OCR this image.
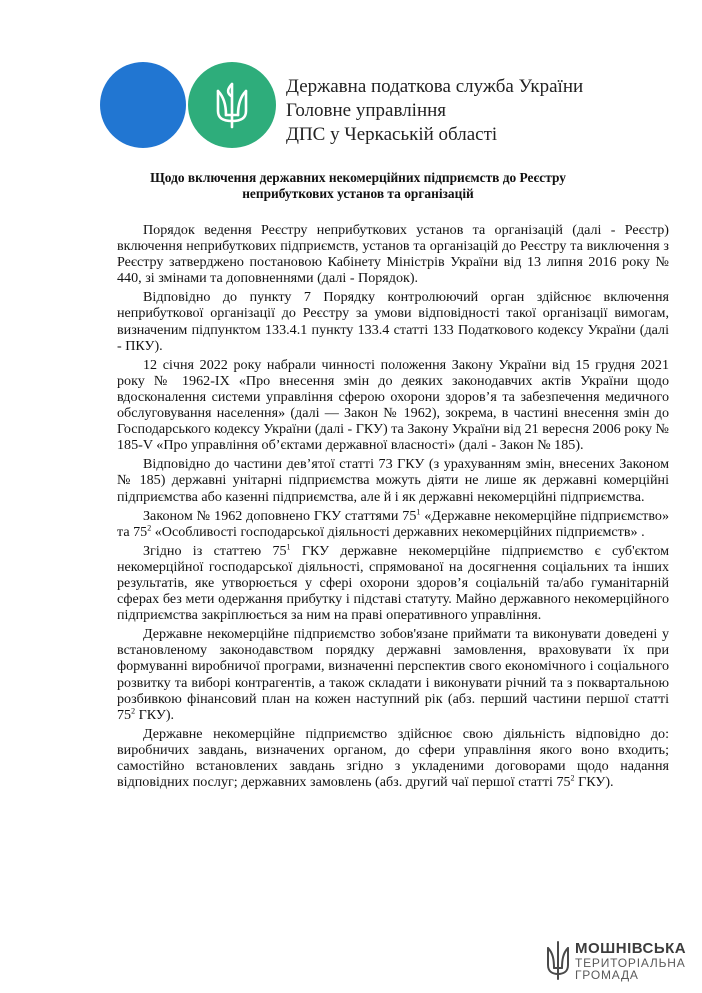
Державна податкова служба України
Головне управління
ДПС у Черкаській області
Щодо включення державних некомерційних підприємств до Реєстру
неприбуткових установ та організацій

Порядок ведення Реєстру неприбуткових установ та організацій (далі - Реєстр) включення неприбуткових підприємств, установ та організацій до Реєстру та виключення з Реєстру затверджено постановою Кабінету Міністрів України від 13 липня 2016 року № 440, зі змінами та доповненнями (далі - Порядок).

Відповідно до пункту 7 Порядку контролюючий орган здійснює включення неприбуткової організації до Реєстру за умови відповідності такої організації вимогам, визначеним підпунктом 133.4.1 пункту 133.4 статті 133 Податкового кодексу України (далі - ПКУ).

12 січня 2022 року набрали чинності положення Закону України від 15 грудня 2021 року № 1962-ІХ «Про внесення змін до деяких законодавчих актів України щодо вдосконалення системи управління сферою охорони здоров’я та забезпечення медичного обслуговування населення» (далі — Закон № 1962), зокрема, в частині внесення змін до Господарського кодексу України (далі - ГКУ) та Закону України від 21 вересня 2006 року № 185-V «Про управління об’єктами державної власності» (далі - Закон № 185).

Відповідно до частини дев’ятої статті 73 ГКУ (з урахуванням змін, внесених Законом № 185) державні унітарні підприємства можуть діяти не лише як державні комерційні підприємства або казенні підприємства, але й і як державні некомерційні підприємства.

Законом № 1962 доповнено ГКУ статтями $75^1$ «Державне некомерційне підприємство» та $75^2$ «Особливості господарської діяльності державних некомерційних підприємств» .

Згідно із статтею $75^1$ ГКУ державне некомерційне підприємство є суб'єктом некомерційної господарської діяльності, спрямованої на досягнення соціальних та інших результатів, яке утворюється у сфері охорони здоров’я соціальній та/або гуманітарній сферах без мети одержання прибутку і підставі статуту. Майно державного некомерційного підприємства закріплюється за ним на праві оперативного управління.

Державне некомерційне підприємство зобов'язане приймати та виконувати доведені у встановленому законодавством порядку державні замовлення, враховувати їх при формуванні виробничої програми, визначенні перспектив свого економічного і соціального розвитку та виборі контрагентів, а також складати і виконувати річний та з поквартальною розбивкою фінансовий план на кожен наступний рік (абз. перший частини першої статті $75^2$ ГКУ).

Державне некомерційне підприємство здійснює свою діяльність відповідно до: виробничих завдань, визначених органом, до сфери управління якого воно входить; самостійно встановлених завдань згідно з укладеними договорами щодо надання відповідних послуг; державних замовлень (абз. другий чаї першої статті $75^2$ ГКУ).

МОШНІВСЬКА
ТЕРИТОРІАЛЬНА
ГРОМАДА
